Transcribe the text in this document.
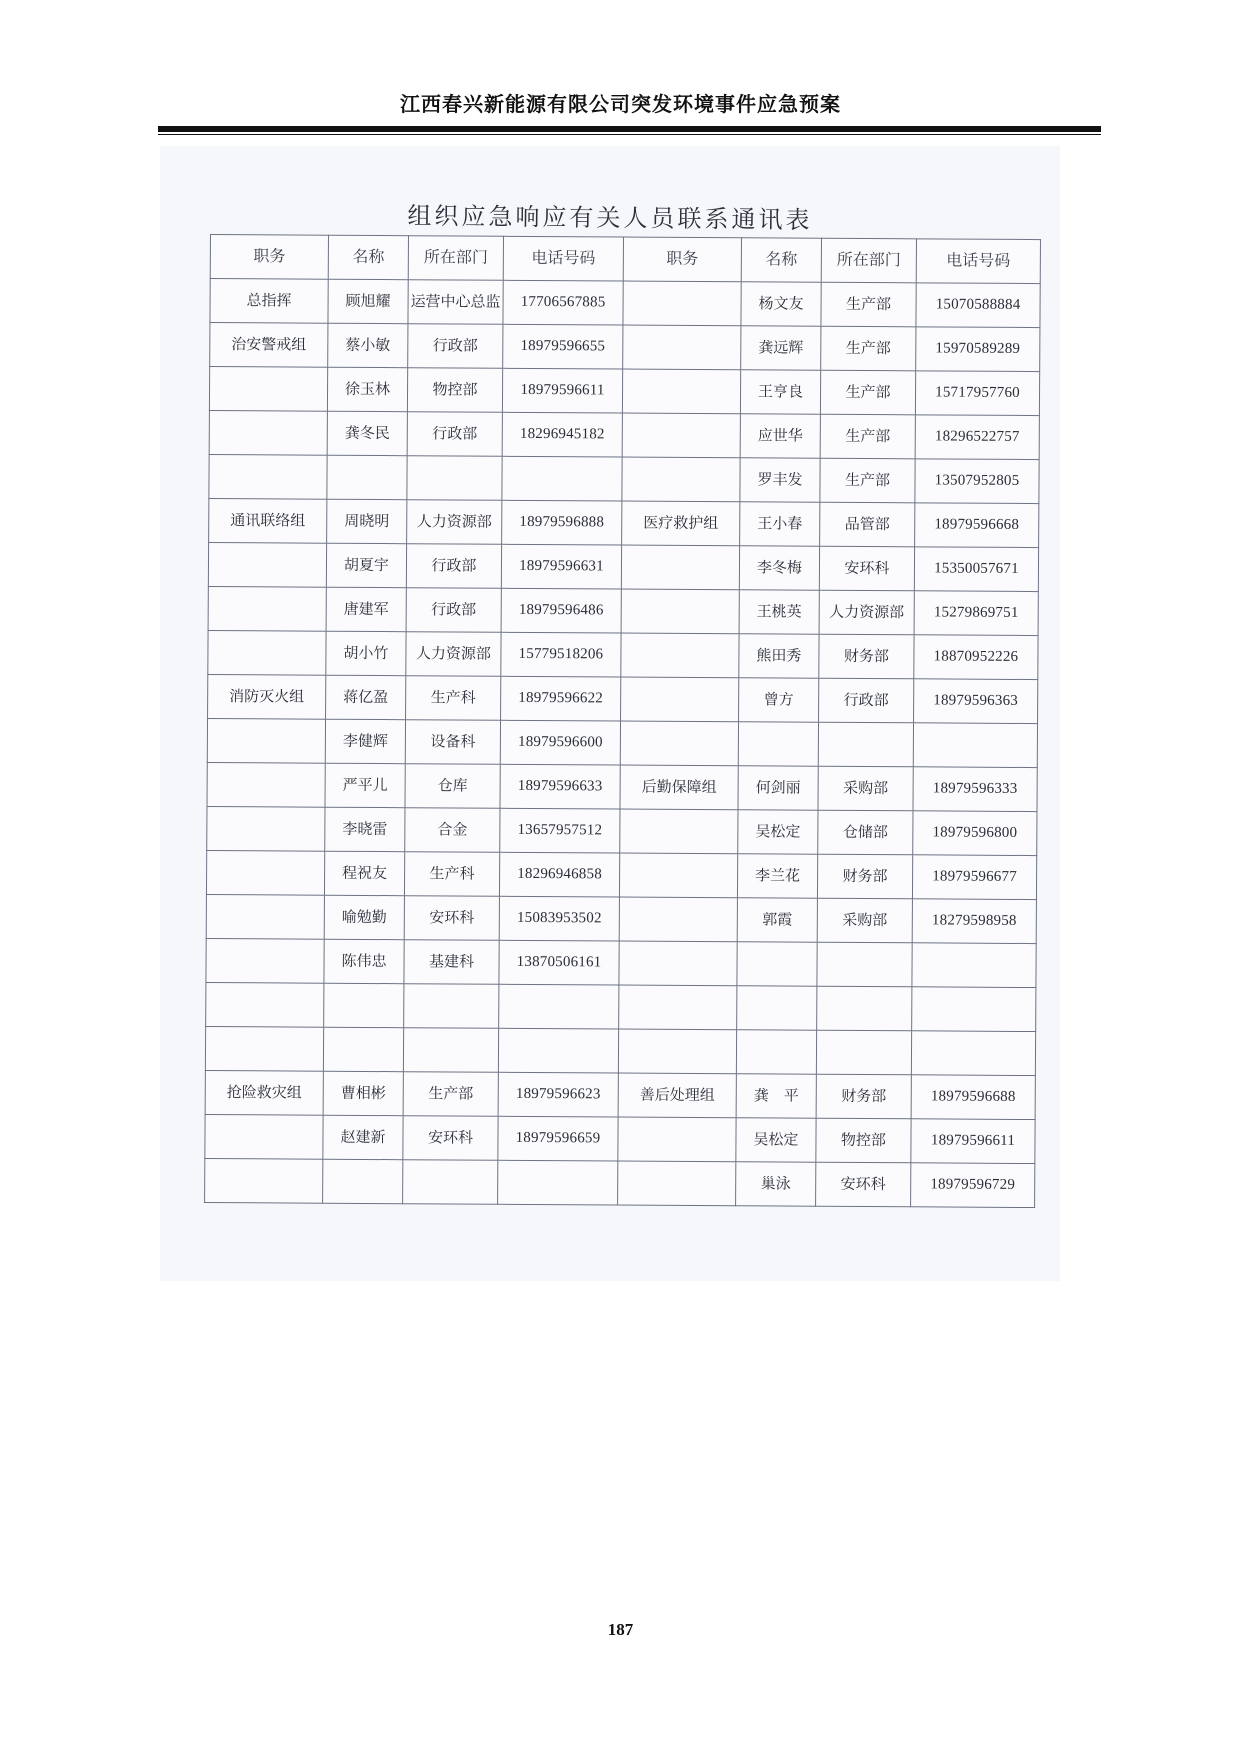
江西春兴新能源有限公司突发环境事件应急预案
组织应急响应有关人员联系通讯表
职务	名称	所在部门	电话号码	职务	名称	所在部门	电话号码
总指挥	顾旭耀	运营中心总监	17706567885		杨文友	生产部	15070588884
治安警戒组	蔡小敏	行政部	18979596655		龚远辉	生产部	15970589289
	徐玉林	物控部	18979596611		王亨良	生产部	15717957760
	龚冬民	行政部	18296945182		应世华	生产部	18296522757
					罗丰发	生产部	13507952805
通讯联络组	周晓明	人力资源部	18979596888	医疗救护组	王小春	品管部	18979596668
	胡夏宇	行政部	18979596631		李冬梅	安环科	15350057671
	唐建军	行政部	18979596486		王桃英	人力资源部	15279869751
	胡小竹	人力资源部	15779518206		熊田秀	财务部	18870952226
消防灭火组	蒋亿盈	生产科	18979596622		曾方	行政部	18979596363
	李健辉	设备科	18979596600				
	严平儿	仓库	18979596633	后勤保障组	何剑丽	采购部	18979596333
	李晓雷	合金	13657957512		吴松定	仓储部	18979596800
	程祝友	生产科	18296946858		李兰花	财务部	18979596677
	喻勉勤	安环科	15083953502		郭霞	采购部	18279598958
	陈伟忠	基建科	13870506161				

抢险救灾组	曹相彬	生产部	18979596623	善后处理组	龚　平	财务部	18979596688
	赵建新	安环科	18979596659		吴松定	物控部	18979596611
					巢泳	安环科	18979596729
187
